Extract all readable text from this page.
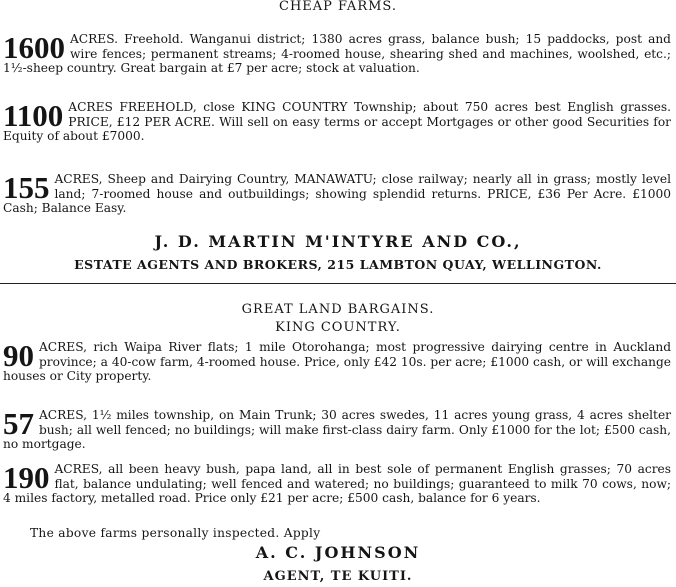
CHEAP FARMS.

1600 ACRES. Freehold. Wanganui district; 1380 acres grass, balance bush; 15 paddocks, post and wire fences; permanent streams; 4-roomed house, shearing shed and machines, woolshed, etc.; 1½-sheep country. Great bargain at £7 per acre; stock at valuation.

1100 ACRES FREEHOLD, close KING COUNTRY Township; about 750 acres best English grasses. PRICE, £12 PER ACRE. Will sell on easy terms or accept Mortgages or other good Securities for Equity of about £7000.

155 ACRES, Sheep and Dairying Country, MANAWATU; close railway; nearly all in grass; mostly level land; 7-roomed house and outbuildings; showing splendid returns. PRICE, £36 Per Acre. £1000 Cash; Balance Easy.

J. D. MARTIN M'INTYRE AND CO.,
ESTATE AGENTS AND BROKERS, 215 LAMBTON QUAY, WELLINGTON.
GREAT LAND BARGAINS.
KING COUNTRY.

90 ACRES, rich Waipa River flats; 1 mile Otorohanga; most progressive dairying centre in Auckland province; a 40-cow farm, 4-roomed house. Price, only £42 10s. per acre; £1000 cash, or will exchange houses or City property.

57 ACRES, 1½ miles township, on Main Trunk; 30 acres swedes, 11 acres young grass, 4 acres shelter bush; all well fenced; no buildings; will make first-class dairy farm. Only £1000 for the lot; £500 cash, no mortgage.

190 ACRES, all been heavy bush, papa land, all in best sole of permanent English grasses; 70 acres flat, balance undulating; well fenced and watered; no buildings; guaranteed to milk 70 cows, now; 4 miles factory, metalled road. Price only £21 per acre; £500 cash, balance for 6 years.

The above farms personally inspected. Apply
A. C. JOHNSON
AGENT, TE KUITI.
